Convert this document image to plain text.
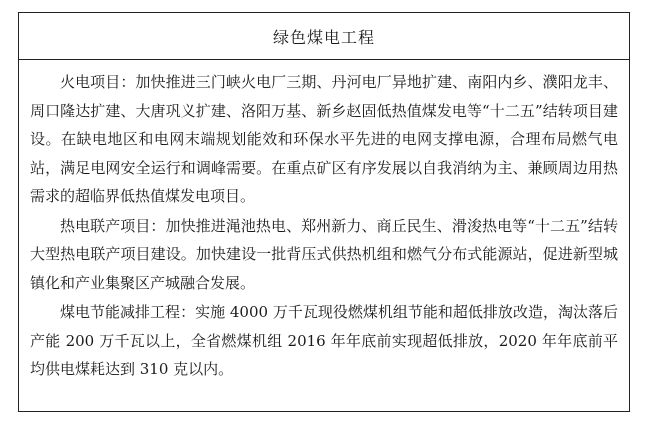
绿色煤电工程

火电项目：加快推进三门峡火电厂三期、丹河电厂异地扩建、南阳内乡、濮阳龙丰、周口隆达扩建、大唐巩义扩建、洛阳万基、新乡赵固低热值煤发电等“十二五”结转项目建设。在缺电地区和电网末端规划能效和环保水平先进的电网支撑电源，合理布局燃气电站，满足电网安全运行和调峰需要。在重点矿区有序发展以自我消纳为主、兼顾周边用热需求的超临界低热值煤发电项目。

热电联产项目：加快推进渑池热电、郑州新力、商丘民生、滑浚热电等“十二五”结转大型热电联产项目建设。加快建设一批背压式供热机组和燃气分布式能源站，促进新型城镇化和产业集聚区产城融合发展。

煤电节能减排工程：实施 4000 万千瓦现役燃煤机组节能和超低排放改造，淘汰落后产能 200 万千瓦以上，全省燃煤机组 2016 年年底前实现超低排放，2020 年年底前平均供电煤耗达到 310 克以内。
